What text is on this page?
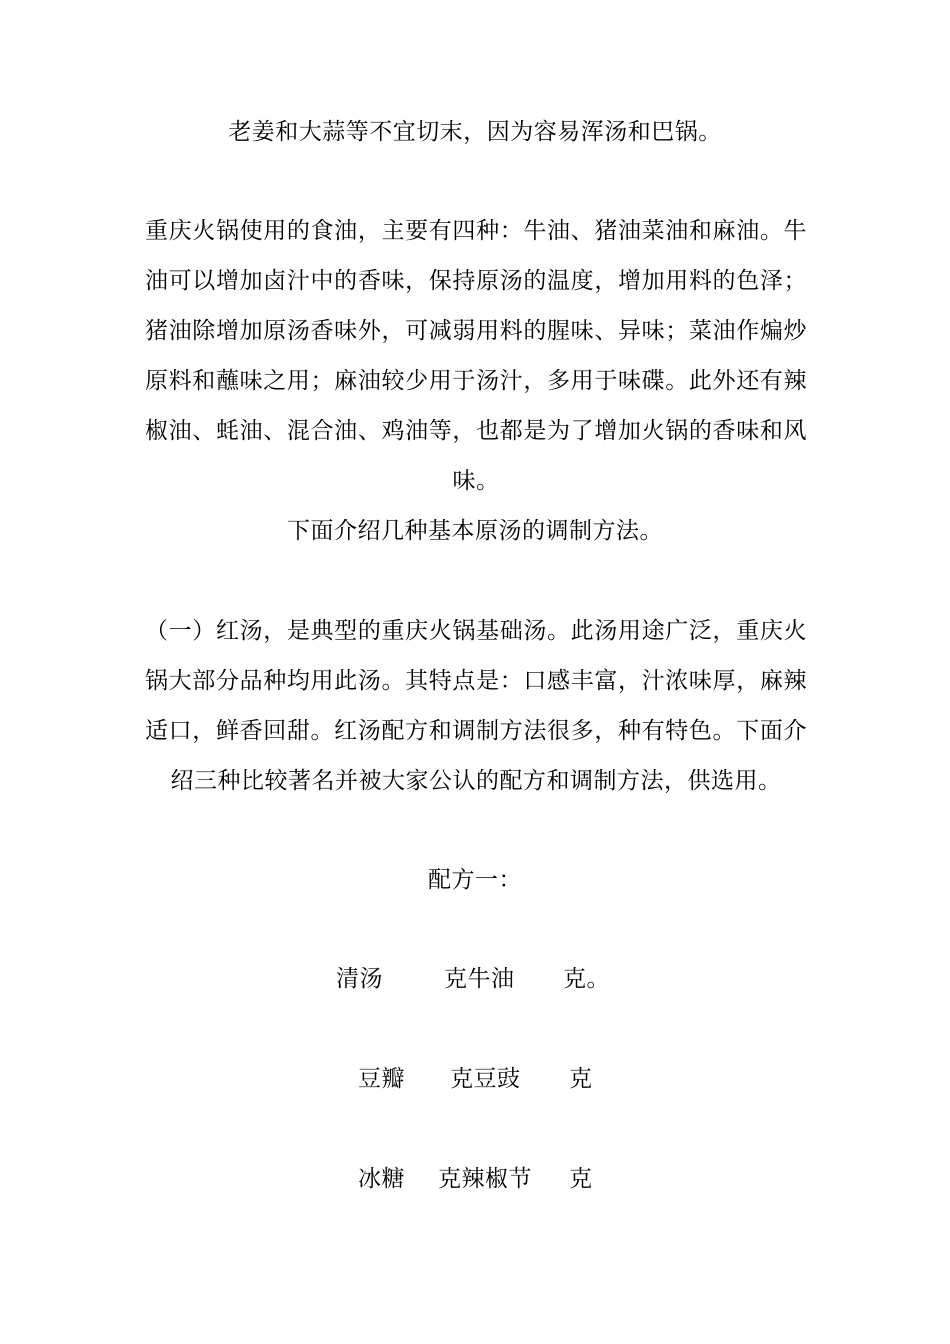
老姜和大蒜等不宜切末，因为容易浑汤和巴锅。

重庆火锅使用的食油，主要有四种：牛油、猪油菜油和麻油。牛油可以增加卤汁中的香味，保持原汤的温度，增加用料的色泽；猪油除增加原汤香味外，可减弱用料的腥味、异味；菜油作煸炒原料和蘸味之用；麻油较少用于汤汁，多用于味碟。此外还有辣椒油、蚝油、混合油、鸡油等，也都是为了增加火锅的香味和风味。

下面介绍几种基本原汤的调制方法。

（一）红汤，是典型的重庆火锅基础汤。此汤用途广泛，重庆火锅大部分品种均用此汤。其特点是：口感丰富，汁浓味厚，麻辣适口，鲜香回甜。红汤配方和调制方法很多，种有特色。下面介绍三种比较著名并被大家公认的配方和调制方法，供选用。

配方一：
清汤	克牛油 克。
豆瓣 克豆豉 克
冰糖 克辣椒节 克
